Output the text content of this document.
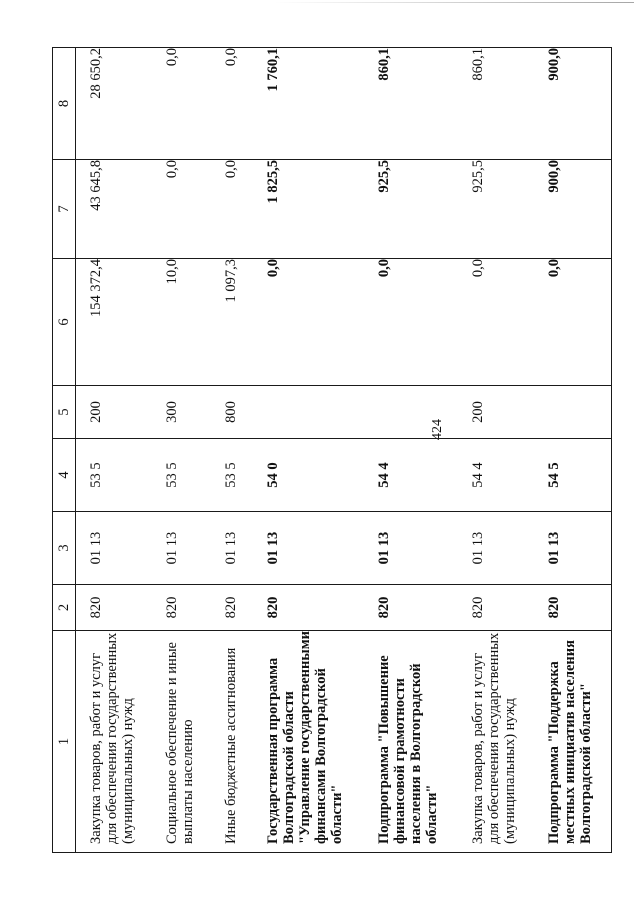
424
1	2	3	4	5	6	7	8
Закупка товаров, работ и услуг для обеспечения государственных (муниципальных) нужд	820	01 13	53 5	200	154 372,4	43 645,8	28 650,2
Социальное обеспечение и иные выплаты населению	820	01 13	53 5	300	10,0	0,0	0,0
Иные бюджетные ассигнования	820	01 13	53 5	800	1 097,3	0,0	0,0
Государственная программа Волгоградской области "Управление государственными финансами Волгоградской области"	820	01 13	54 0		0,0	1 825,5	1 760,1
Подпрограмма "Повышение финансовой грамотности населения в Волгоградской области"	820	01 13	54 4		0,0	925,5	860,1
Закупка товаров, работ и услуг для обеспечения государственных (муниципальных) нужд	820	01 13	54 4	200	0,0	925,5	860,1
Подпрограмма "Поддержка местных инициатив населения Волгоградской области"	820	01 13	54 5		0,0	900,0	900,0
